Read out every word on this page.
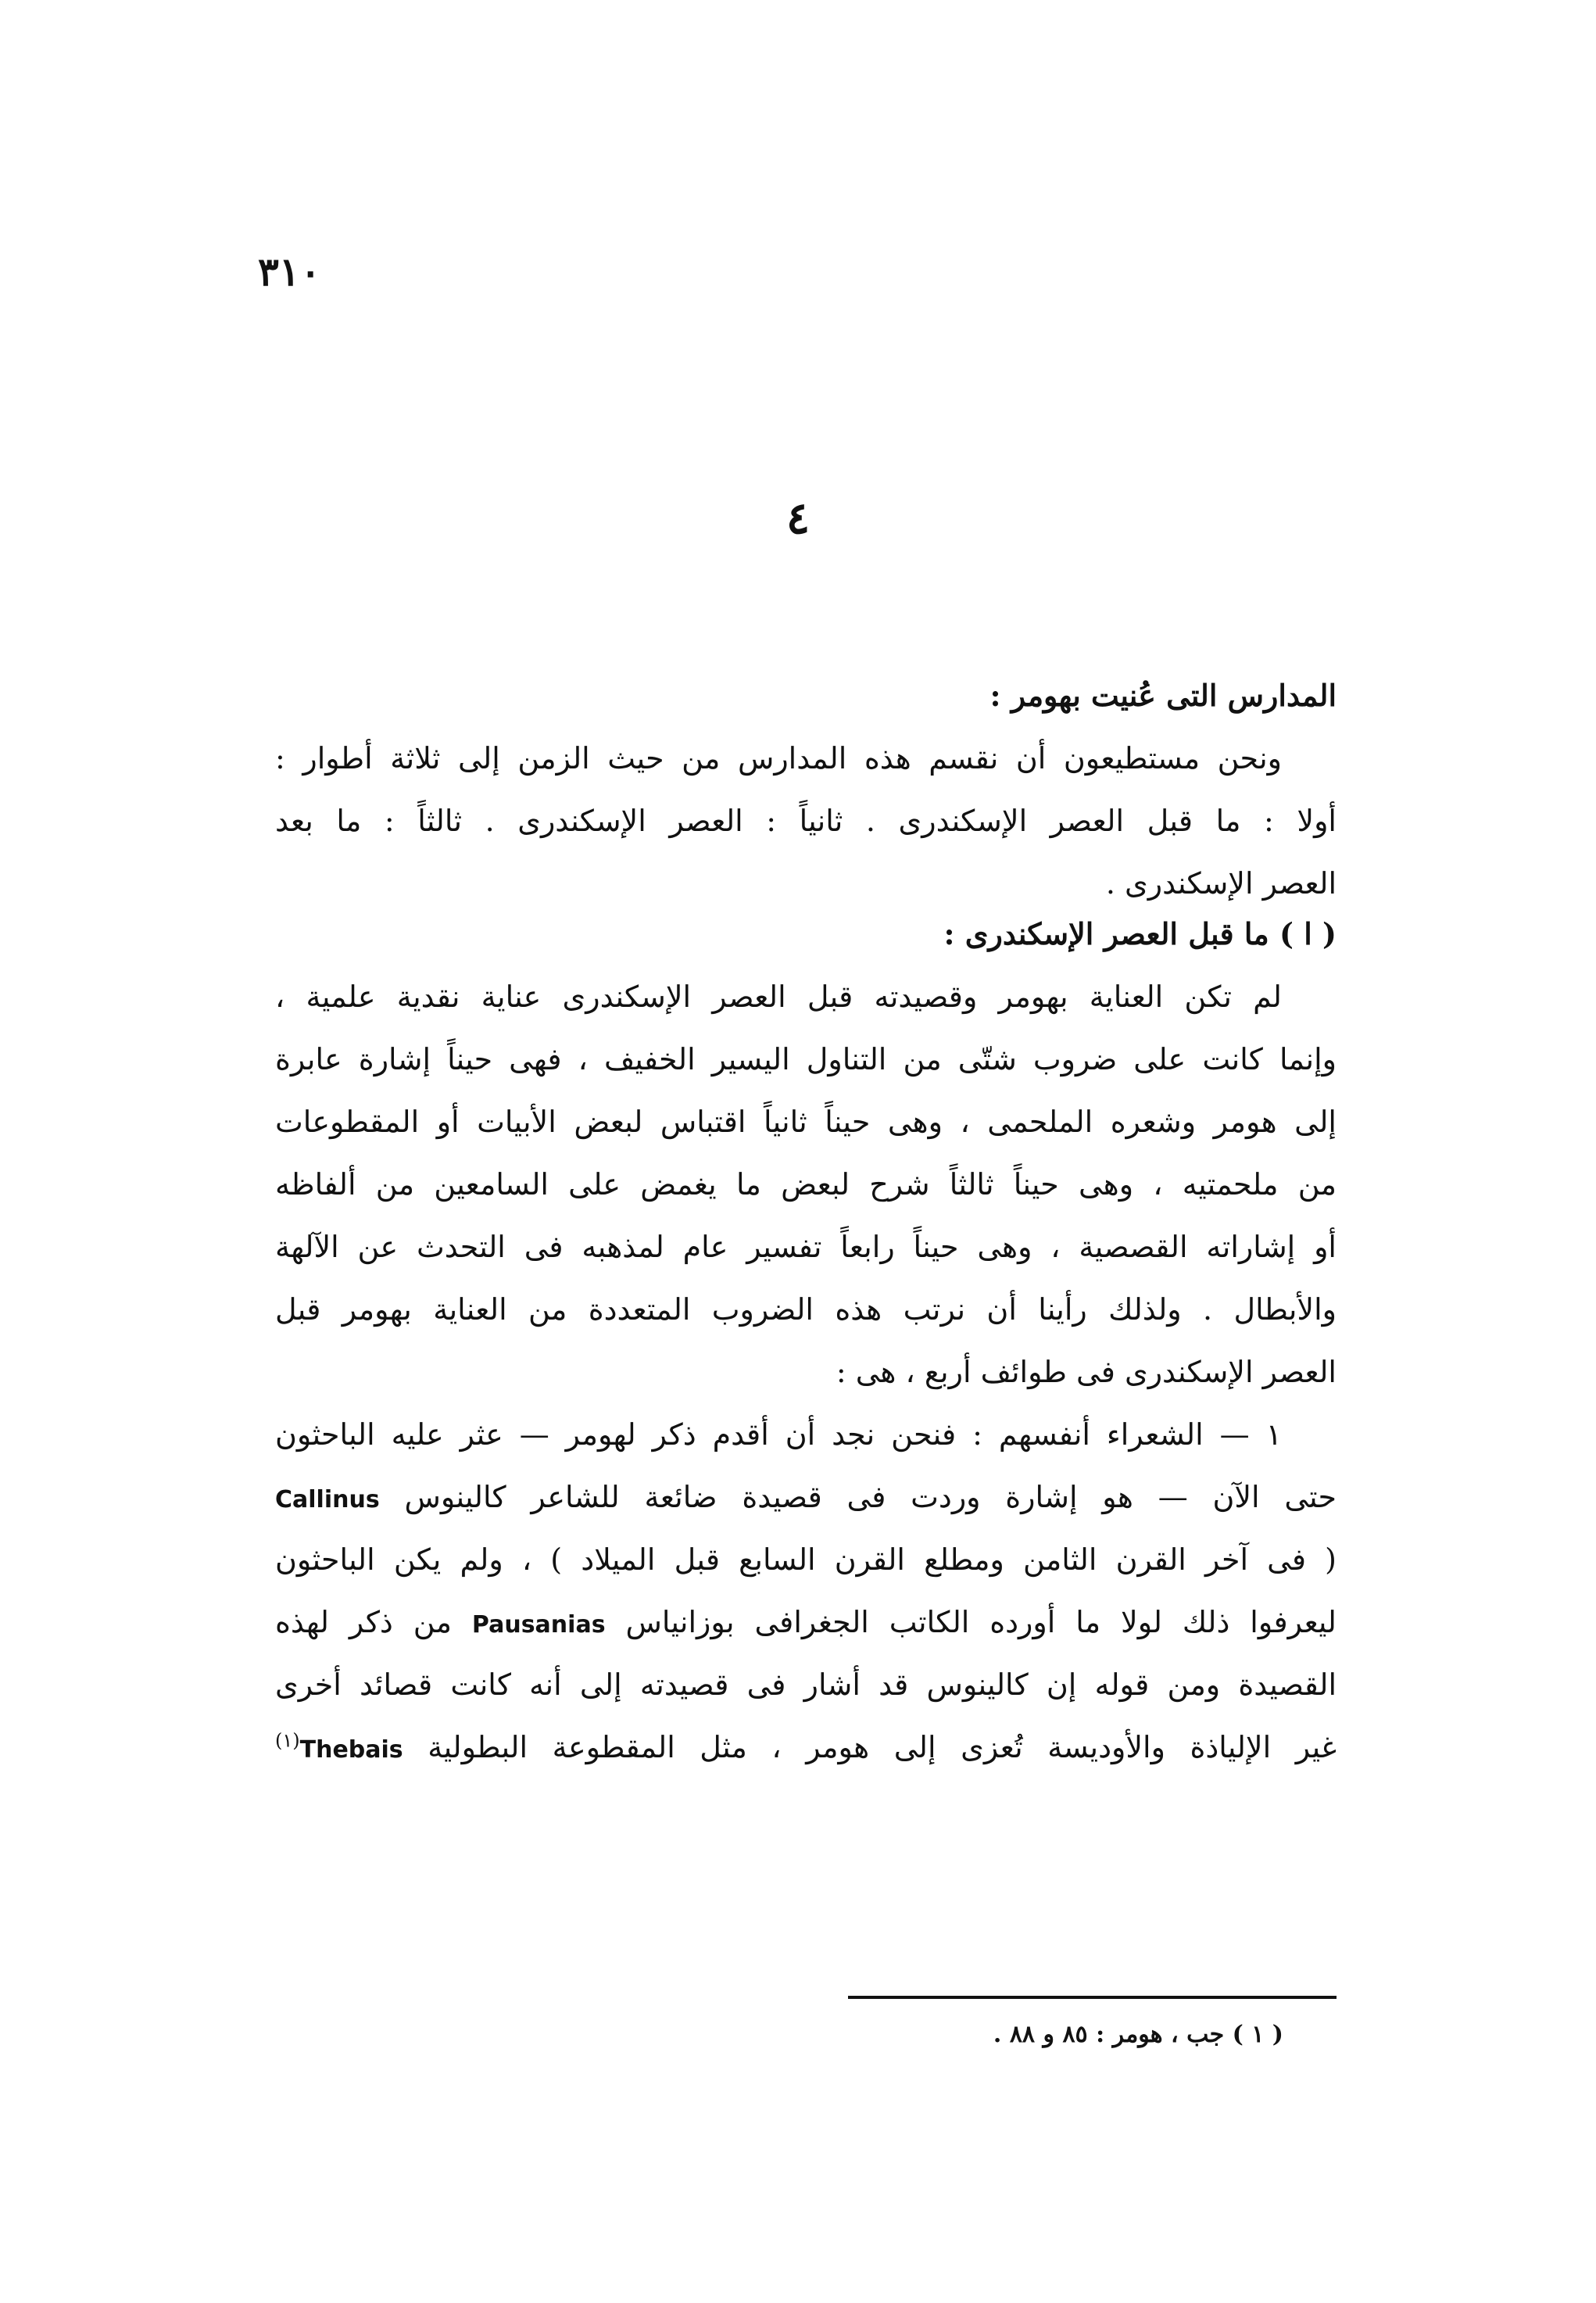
٣١٠
٤
المدارس التى عُنيت بهومر :
ونحن مستطيعون أن نقسم هذه المدارس من حيث الزمن إلى ثلاثة أطوار :
أولا : ما قبل العصر الإسكندرى . ثانياً : العصر الإسكندرى . ثالثاً : ما بعد
العصر الإسكندرى .
( ا ) ما قبل العصر الإسكندرى :
لم تكن العناية بهومر وقصيدته قبل العصر الإسكندرى عناية نقدية علمية ،
وإنما كانت على ضروب شتّى من التناول اليسير الخفيف ، فهى حيناً إشارة عابرة
إلى هومر وشعره الملحمى ، وهى حيناً ثانياً اقتباس لبعض الأبيات أو المقطوعات
من ملحمتيه ، وهى حيناً ثالثاً شرح لبعض ما يغمض على السامعين من ألفاظه
أو إشاراته القصصية ، وهى حيناً رابعاً تفسير عام لمذهبه فى التحدث عن الآلهة
والأبطال . ولذلك رأينا أن نرتب هذه الضروب المتعددة من العناية بهومر قبل
العصر الإسكندرى فى طوائف أربع ، هى :
١ — الشعراء أنفسهم : فنحن نجد أن أقدم ذكر لهومر — عثر عليه الباحثون
حتى الآن — هو إشارة وردت فى قصيدة ضائعة للشاعر كالينوس Callinus
( فى آخر القرن الثامن ومطلع القرن السابع قبل الميلاد ) ، ولم يكن الباحثون
ليعرفوا ذلك لولا ما أورده الكاتب الجغرافى بوزانياس Pausanias من ذكر لهذه
القصيدة ومن قوله إن كالينوس قد أشار فى قصيدته إلى أنه كانت قصائد أخرى
غير الإلياذة والأوديسة تُعزى إلى هومر ، مثل المقطوعة البطولية Thebais$^{(١)}$
( ١ ) جب ، هومر : ٨٥ و ٨٨ .
